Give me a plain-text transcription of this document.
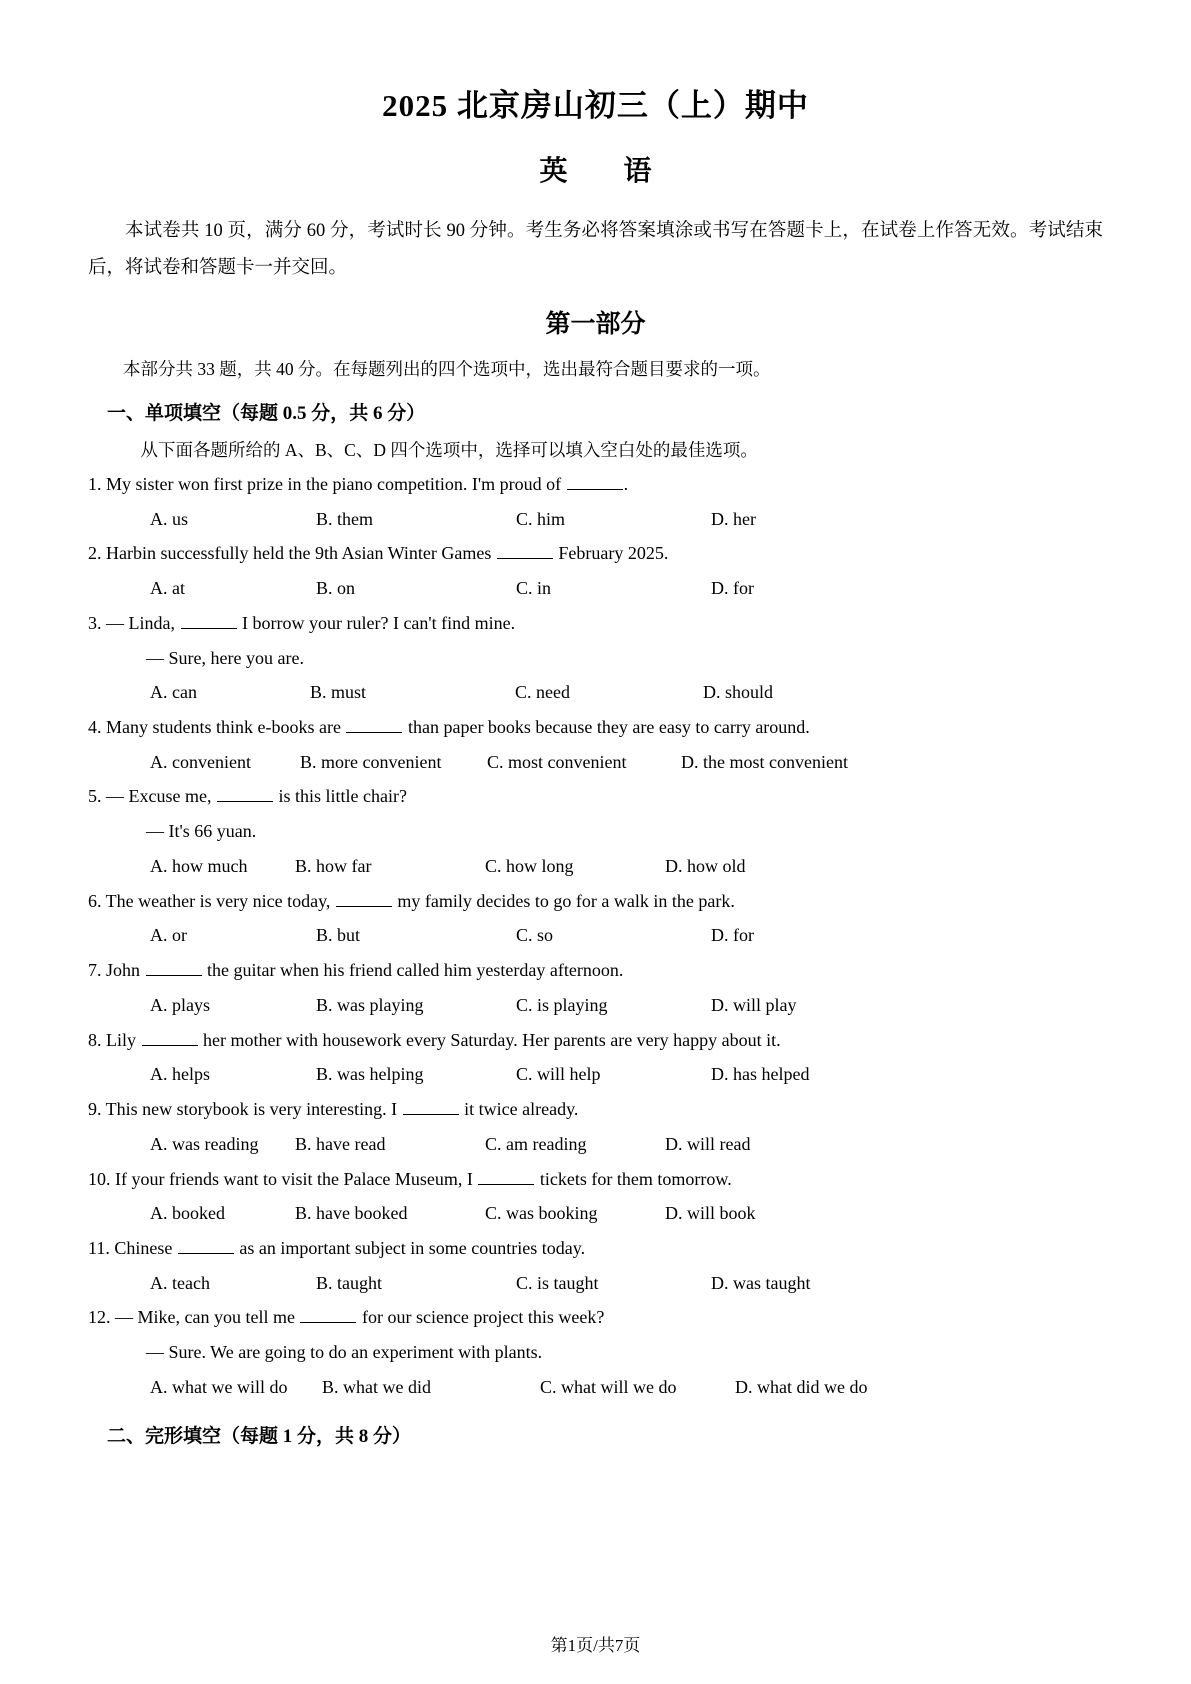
2025 北京房山初三（上）期中
英　　语

本试卷共 10 页，满分 60 分，考试时长 90 分钟。考生务必将答案填涂或书写在答题卡上，在试卷上作答无效。考试结束后，将试卷和答题卡一并交回。

第一部分

本部分共 33 题，共 40 分。在每题列出的四个选项中，选出最符合题目要求的一项。

一、单项填空（每题 0.5 分，共 6 分）

从下面各题所给的 A、B、C、D 四个选项中，选择可以填入空白处的最佳选项。

1. My sister won first prize in the piano competition. I'm proud of	.

A. us	B. them	C. him	D. her

2. Harbin successfully held the 9th Asian Winter Games	February 2025.

A. at	B. on	C. in	D. for

3. — Linda,	I borrow your ruler? I can't find mine.

— Sure, here you are.

A. can	B. must	C. need	D. should

4. Many students think e-books are	than paper books because they are easy to carry around.

A. convenient	B. more convenient	C. most convenient	D. the most convenient

5. — Excuse me,	is this little chair?

— It's 66 yuan.

A. how much	B. how far	C. how long	D. how old

6. The weather is very nice today,	my family decides to go for a walk in the park.

A. or	B. but	C. so	D. for

7. John	the guitar when his friend called him yesterday afternoon.

A. plays	B. was playing	C. is playing	D. will play

8. Lily	her mother with housework every Saturday. Her parents are very happy about it.

A. helps	B. was helping	C. will help	D. has helped

9. This new storybook is very interesting. I	it twice already.

A. was reading	B. have read	C. am reading	D. will read

10. If your friends want to visit the Palace Museum, I	tickets for them tomorrow.

A. booked	B. have booked	C. was booking	D. will book

11. Chinese	as an important subject in some countries today.

A. teach	B. taught	C. is taught	D. was taught

12. — Mike, can you tell me	for our science project this week?

— Sure. We are going to do an experiment with plants.

A. what we will do	B. what we did	C. what will we do	D. what did we do

二、完形填空（每题 1 分，共 8 分）

第1页/共7页
